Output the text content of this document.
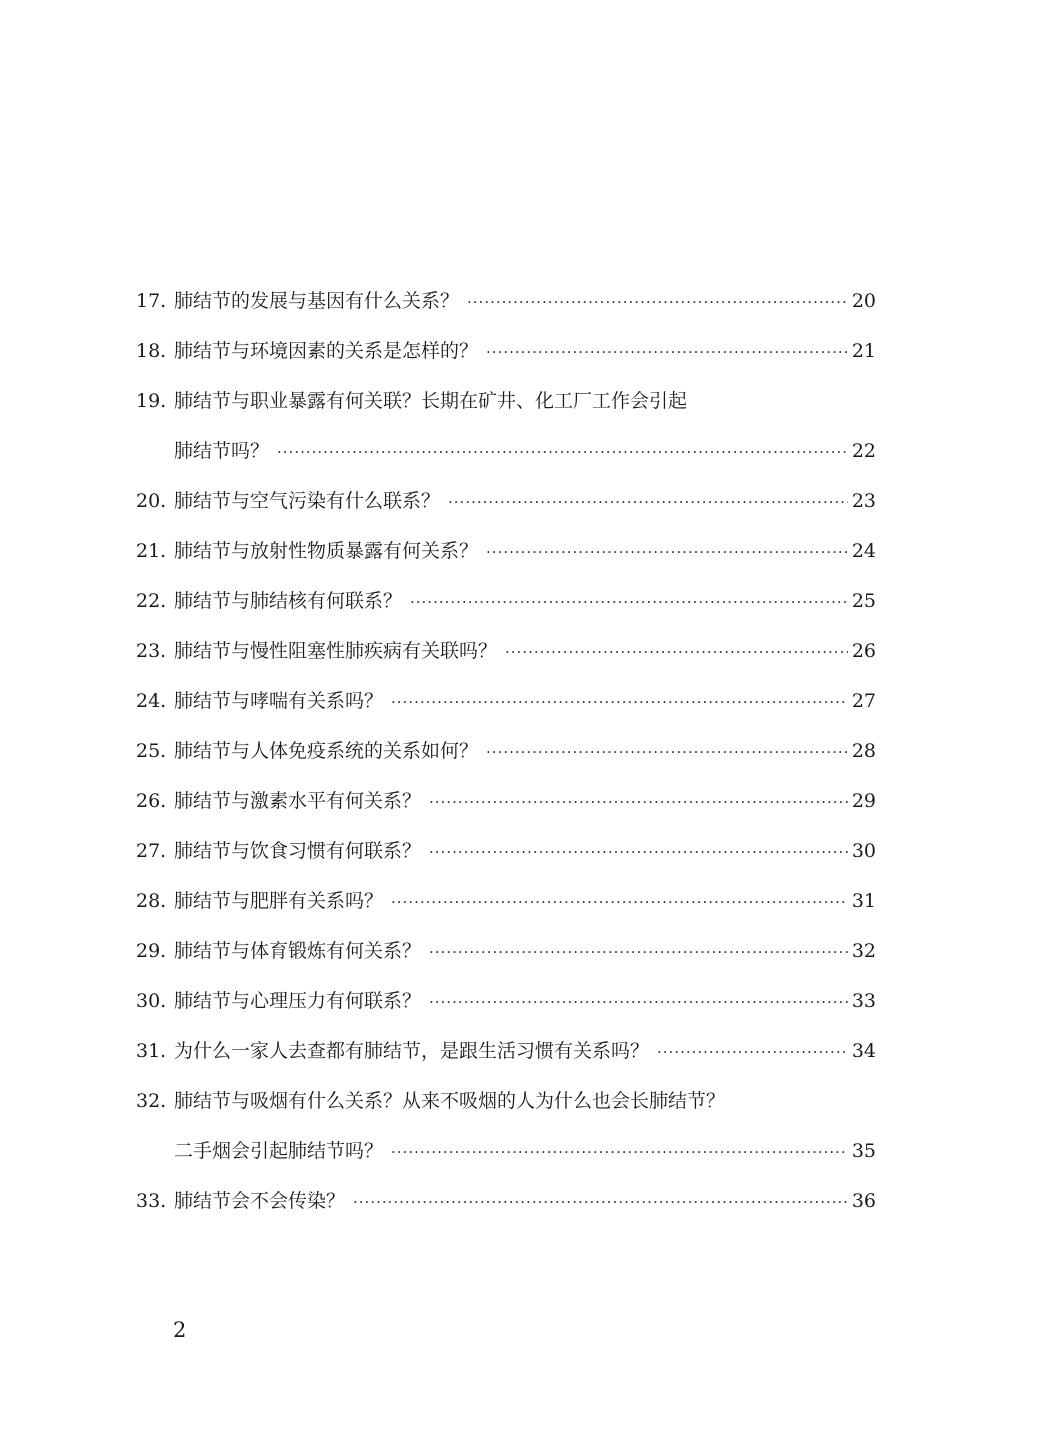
17. 肺结节的发展与基因有什么关系？ ·····	20
18. 肺结节与环境因素的关系是怎样的？ ·····	21
19. 肺结节与职业暴露有何关联？长期在矿井、化工厂工作会引起
肺结节吗？ ·····	22
20. 肺结节与空气污染有什么联系？ ·····	23
21. 肺结节与放射性物质暴露有何关系？ ·····	24
22. 肺结节与肺结核有何联系？ ·····	25
23. 肺结节与慢性阻塞性肺疾病有关联吗？ ·····	26
24. 肺结节与哮喘有关系吗？ ·····	27
25. 肺结节与人体免疫系统的关系如何？ ·····	28
26. 肺结节与激素水平有何关系？ ·····	29
27. 肺结节与饮食习惯有何联系？ ·····	30
28. 肺结节与肥胖有关系吗？ ·····	31
29. 肺结节与体育锻炼有何关系？ ·····	32
30. 肺结节与心理压力有何联系？ ·····	33
31. 为什么一家人去查都有肺结节，是跟生活习惯有关系吗？ ·····	34
32. 肺结节与吸烟有什么关系？从来不吸烟的人为什么也会长肺结节？
二手烟会引起肺结节吗？ ·····	35
33. 肺结节会不会传染？ ·····	36
2
